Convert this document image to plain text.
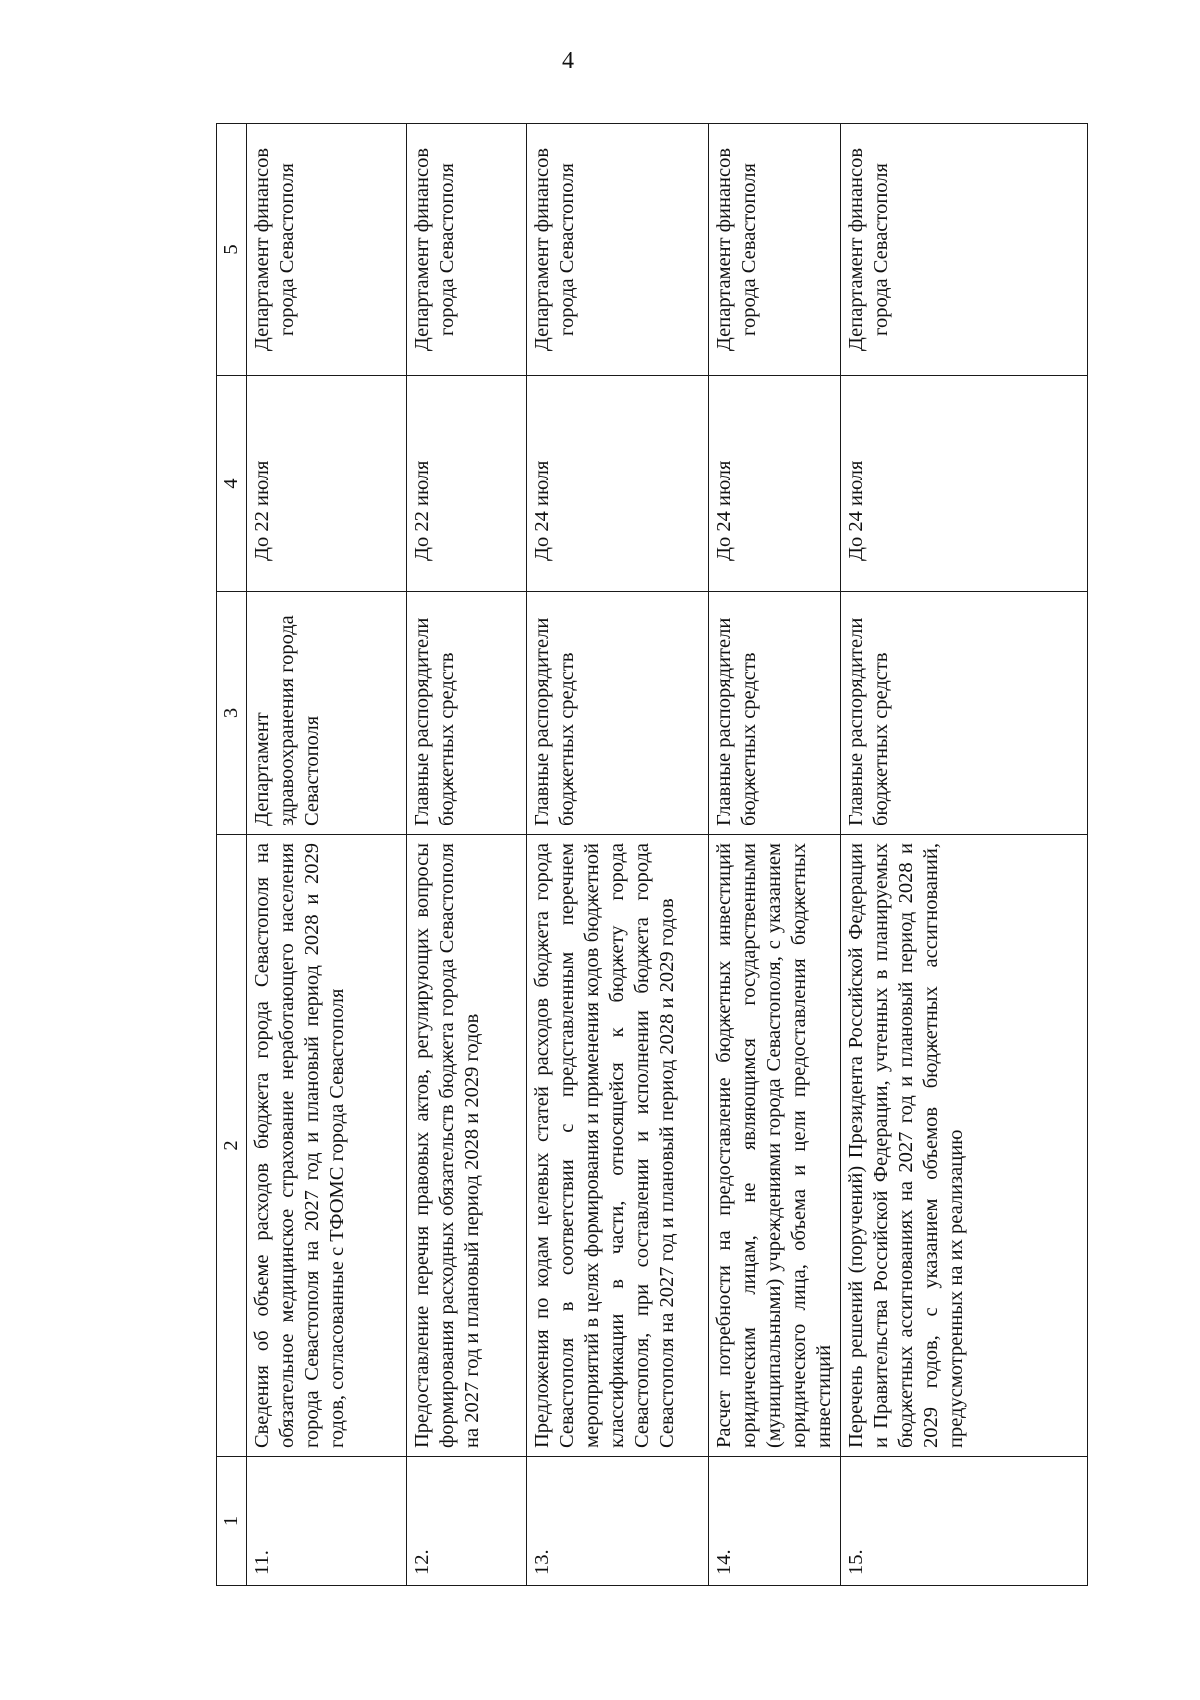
4
1	2	3	4	5
11.	Сведения об объеме расходов бюджета города Севастополя на обязательное медицинское страхование неработающего населения города Севастополя на 2027 год и плановый период 2028 и 2029 годов, согласованные с ТФОМС города Севастополя	Департамент здравоохранения города Севастополя	До 22 июля	Департамент финансов города Севастополя
12.	Предоставление перечня правовых актов, регулирующих вопросы формирования расходных обязательств бюджета города Севастополя на 2027 год и плановый период 2028 и 2029 годов	Главные распорядители бюджетных средств	До 22 июля	Департамент финансов города Севастополя
13.	Предложения по кодам целевых статей расходов бюджета города Севастополя в соответствии с представленным перечнем мероприятий в целях формирования и применения кодов бюджетной классификации в части, относящейся к бюджету города Севастополя, при составлении и исполнении бюджета города Севастополя на 2027 год и плановый период 2028 и 2029 годов	Главные распорядители бюджетных средств	До 24 июля	Департамент финансов города Севастополя
14.	Расчет потребности на предоставление бюджетных инвестиций юридическим лицам, не являющимся государственными (муниципальными) учреждениями города Севастополя, с указанием юридического лица, объема и цели предоставления бюджетных инвестиций	Главные распорядители бюджетных средств	До 24 июля	Департамент финансов города Севастополя
15.	Перечень решений (поручений) Президента Российской Федерации и Правительства Российской Федерации, учтенных в планируемых бюджетных ассигнованиях на 2027 год и плановый период 2028 и 2029 годов, с указанием объемов бюджетных ассигнований, предусмотренных на их реализацию	Главные распорядители бюджетных средств	До 24 июля	Департамент финансов города Севастополя
